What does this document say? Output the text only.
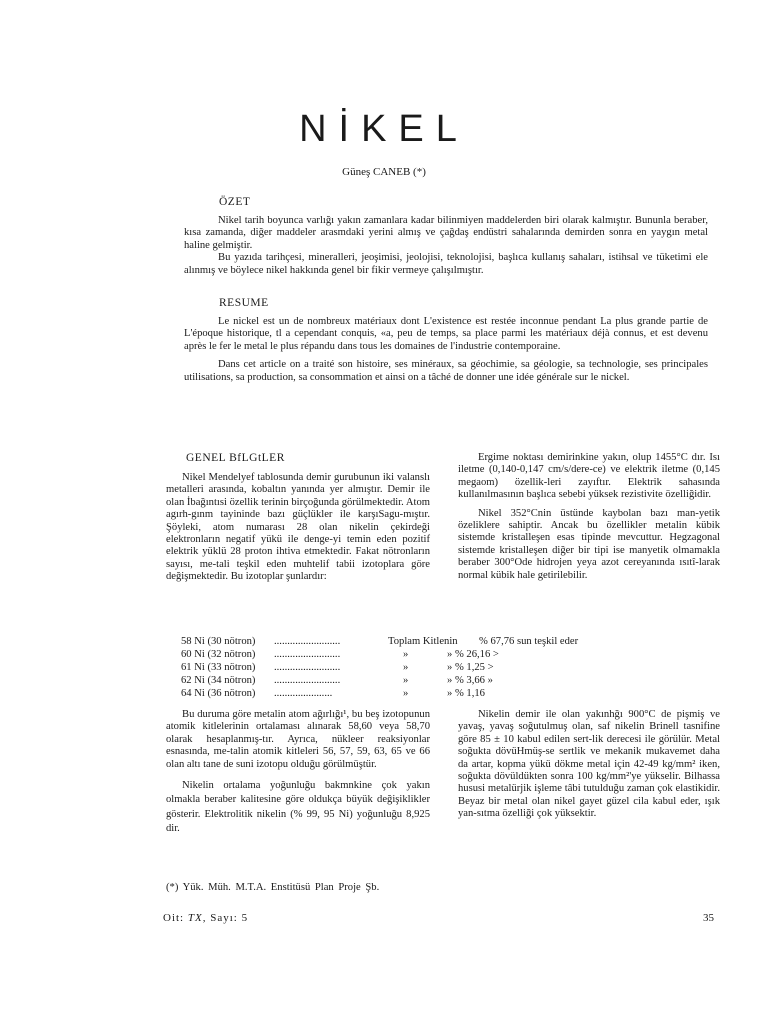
NİKEL
Güneş CANEB (*)
ÖZET

Nikel tarih boyunca varlığı yakın zamanlara kadar bilinmiyen maddelerden biri olarak kalmıştır. Bununla beraber, kısa zamanda, diğer maddeler arasmdaki yerini almış ve çağdaş endüstri sahalarında demirden sonra en yaygın metal haline gelmiştir.

Bu yazıda tarihçesi, mineralleri, jeoşimisi, jeolojisi, teknolojisi, başlıca kullanış sahaları, istihsal ve tüketimi ele alınmış ve böylece nikel hakkında genel bir fikir vermeye çalışılmıştır.

RESUME

Le nickel est un de nombreux matériaux dont L'existence est restée inconnue pendant La plus grande partie de L'époque historique, tl a cependant conquis, «a, peu de temps, sa place parmi les matériaux déjà connus, et est devenu après le fer le metal le plus répandu dans tous les domaines de l'industrie contemporaine.

Dans cet article on a traité son histoire, ses minéraux, sa géochimie, sa géologie, sa technologie, ses principales utilisations, sa production, sa consommation et ainsi on a tâché de donner une idée générale sur le nickel.

GENEL BfLGtLER

Nikel Mendelyef tablosunda demir gurubunun iki valanslı metalleri arasında, kobaltın yanında yer almıştır. Demir ile olan İbağıntısi özellik terinin birçoğunda görülmektedir. Atom agırh-gınm tayininde bazı güçlükler ile karşıSagu-mıştır. Şöyleki, atom numarası 28 olan nikelin çekirdeği elektronların negatif yükü ile denge-yi temin eden pozitif elektrik yüklü 28 proton ihtiva etmektedir. Fakat nötronların sayısı, me-tali teşkil eden muhtelif tabii izotoplara göre değişmektedir. Bu izotoplar şunlardır:

Ergime noktası demirinkine yakın, olup 1455°C dır. Isı iletme (0,140-0,147 cm/s/dere-ce) ve elektrik iletme (0,145 megaom) özellik-leri zayıftır. Elektrik sahasında kullanılmasının başlıca sebebi yüksek rezistivite özelliğidir.

Nikel 352°Cnin üstünde kaybolan bazı man-yetik özeliklere sahiptir. Ancak bu özellikler metalin kübik sistemde kristalleşen esas tipinde mevcuttur. Hegzagonal sistemde kristalleşen diğer bir tipi ise manyetik olmamakla beraber 300°Ode hidrojen yeya azot cereyanında ısıtî-larak normal kübik hale getirilebilir.

58 Ni (30 nötron) .........................	Toplam Kitlenin % 67,76 sun teşkil eder
60 Ni (32 nötron) .........................	»	» % 26,16 >
61 Ni (33 nötron) .........................	»	» % 1,25 >
62 Ni (34 nötron) .........................	»	» % 3,66 »
64 Ni (36 nötron) ......................	»	» % 1,16

Bu duruma göre metalin atom ağırlığı¹, bu beş izotopunun atomik kitlelerinin ortalaması alınarak 58,60 veya 58,70 olarak hesaplanmış-tır. Ayrıca, nükleer reaksiyonlar esnasında, me-talin atomik kitleleri 56, 57, 59, 63, 65 ve 66 olan altı tane de suni izotopu olduğu görülmüştür.

Nikelin ortalama yoğunluğu bakmnkine çok yakın olmakla beraber kalitesine göre oldukça büyük değişiklikler gösterir. Elektrolitik nikelin (% 99, 95 Ni) yoğunluğu 8,925 dir.

Nikelin demir ile olan yakınhğı 900°C de pişmiş ve yavaş, yavaş soğutulmuş olan, saf nikelin Brinell tasnifine göre 85 ± 10 kabul edilen sert-lik derecesi ile görülür. Metal soğukta dövüHmüş-se sertlik ve mekanik mukavemet daha da artar, kopma yükü dökme metal için 42-49 kg/mm² iken, soğukta dövüldükten sonra 100 kg/mm²'ye yükselir. Bilhassa hususi metalürjik işleme tâbi tutulduğu zaman çok elastikidir. Beyaz bir metal olan nikel gayet güzel cila kabul eder, ışık yan-sıtma özelliği çok yüksektir.

(*) Yük. Müh. M.T.A. Enstitüsü Plan Proje Şb.
Oit: TX, Sayı: 5	35
